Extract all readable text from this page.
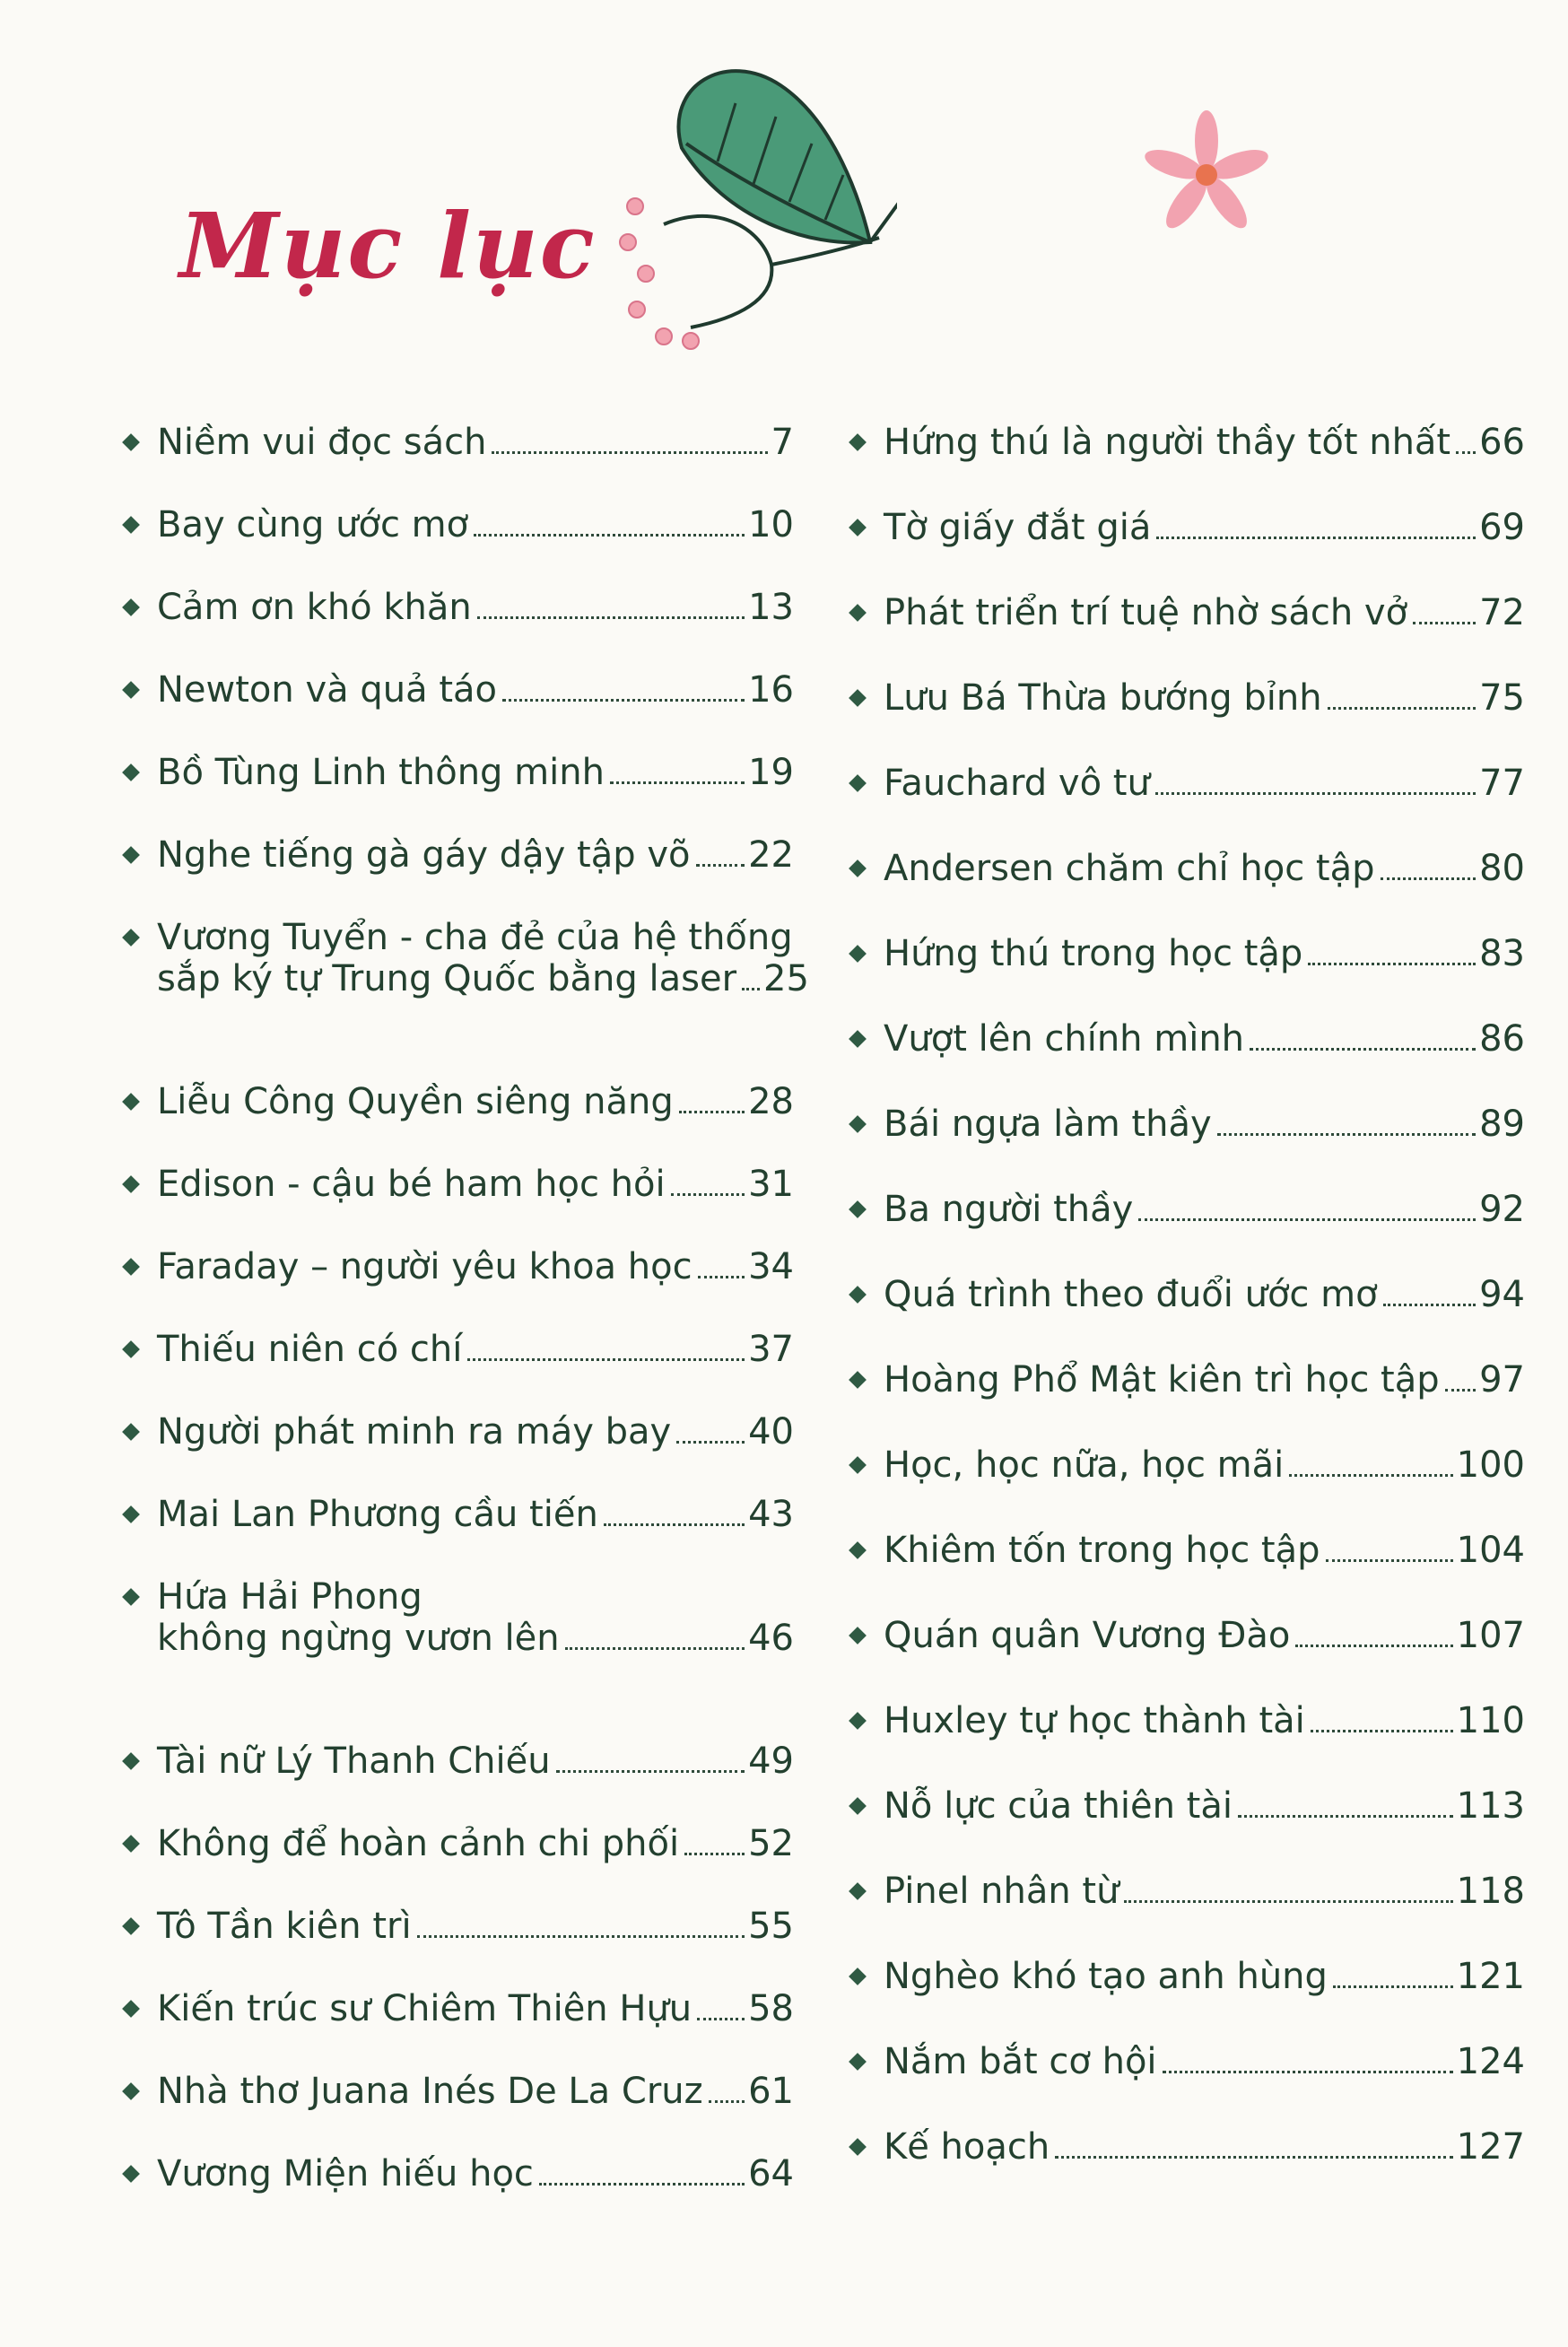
Mục lục
Niềm vui đọc sách	7
Bay cùng ước mơ	10
Cảm ơn khó khăn	13
Newton và quả táo	16
Bồ Tùng Linh thông minh	19
Nghe tiếng gà gáy dậy tập võ 22
Vương Tuyển - cha đẻ của hệ thống
sắp ký tự Trung Quốc bằng laser 25
Liễu Công Quyền siêng năng 28
Edison - cậu bé ham học hỏi 31
Faraday – người yêu khoa học 34
Thiếu niên có chí	37
Người phát minh ra máy bay 40
Mai Lan Phương cầu tiến	43
Hứa Hải Phong
không ngừng vươn lên	46
Tài nữ Lý Thanh Chiếu	49
Không để hoàn cảnh chi phối 52
Tô Tần kiên trì	55
Kiến trúc sư Chiêm Thiên Hựu 58
Nhà thơ Juana Inés De La Cruz 61
Vương Miện hiếu học	64
Hứng thú là người thầy tốt nhất 66
Tờ giấy đắt giá	69
Phát triển trí tuệ nhờ sách vở 72
Lưu Bá Thừa bướng bỉnh	75
Fauchard vô tư	77
Andersen chăm chỉ học tập	80
Hứng thú trong học tập	83
Vượt lên chính mình	86
Bái ngựa làm thầy	89
Ba người thầy	92
Quá trình theo đuổi ước mơ	94
Hoàng Phổ Mật kiên trì học tập 97
Học, học nữa, học mãi	100
Khiêm tốn trong học tập	104
Quán quân Vương Đào	107
Huxley tự học thành tài	110
Nỗ lực của thiên tài	113
Pinel nhân từ	118
Nghèo khó tạo anh hùng	121
Nắm bắt cơ hội	124
Kế hoạch	127
